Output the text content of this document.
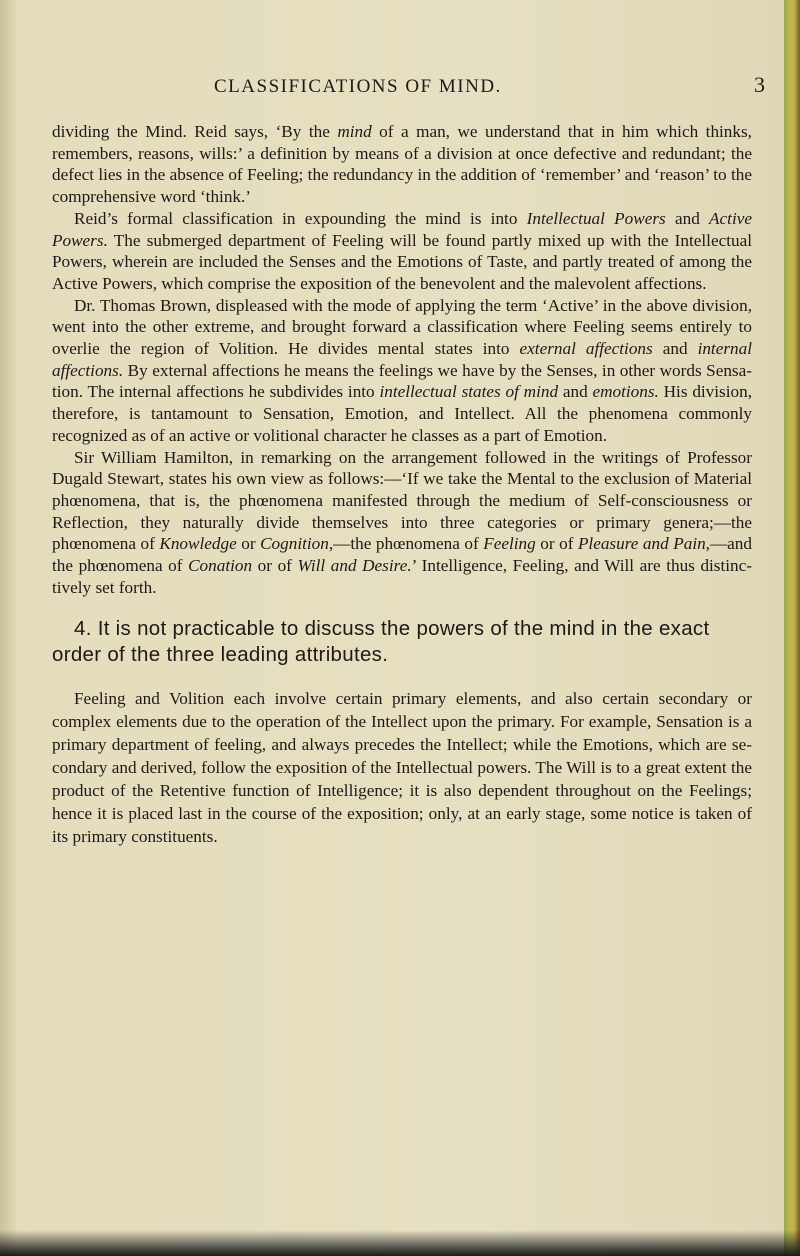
CLASSIFICATIONS OF MIND.	3

dividing the Mind. Reid says, ‘By the mind of a man, we understand that in him which thinks, remembers, reasons, wills:’ a definition by means of a division at once defective and redundant; the defect lies in the absence of Feeling; the redundancy in the addition of ‘remember’ and ‘reason’ to the comprehensive word ‘think.’

Reid’s formal classification in expounding the mind is into Intellectual Powers and Active Powers. The submerged department of Feeling will be found partly mixed up with the Intellectual Powers, wherein are included the Senses and the Emotions of Taste, and partly treated of among the Active Powers, which comprise the exposition of the benevolent and the malevolent affections.

Dr. Thomas Brown, displeased with the mode of applying the term ‘Active’ in the above division, went into the other extreme, and brought forward a classification where Feeling seems entirely to overlie the region of Volition. He divides mental states into external affections and internal affections. By external affections he means the feelings we have by the Senses, in other words Sensation. The internal affections he subdivides into intellectual states of mind and emotions. His division, therefore, is tantamount to Sensation, Emotion, and Intellect. All the phenomena commonly recognized as of an active or volitional character he classes as a part of Emotion.

Sir William Hamilton, in remarking on the arrangement followed in the writings of Professor Dugald Stewart, states his own view as follows:—‘If we take the Mental to the exclusion of Material phœnomena, that is, the phœnomena manifested through the medium of Self-consciousness or Reflection, they naturally divide themselves into three categories or primary genera;—the phœnomena of Knowledge or Cognition,—the phœnomena of Feeling or of Pleasure and Pain,—and the phœnomena of Conation or of Will and Desire.’ Intelligence, Feeling, and Will are thus distinctively set forth.

4. It is not practicable to discuss the powers of the mind in the exact order of the three leading attributes.

Feeling and Volition each involve certain primary elements, and also certain secondary or complex elements due to the operation of the Intellect upon the primary. For example, Sensation is a primary department of feeling, and always precedes the Intellect; while the Emotions, which are secondary and derived, follow the exposition of the Intellectual powers. The Will is to a great extent the product of the Retentive function of Intelligence; it is also dependent throughout on the Feelings; hence it is placed last in the course of the exposition; only, at an early stage, some notice is taken of its primary constituents.
